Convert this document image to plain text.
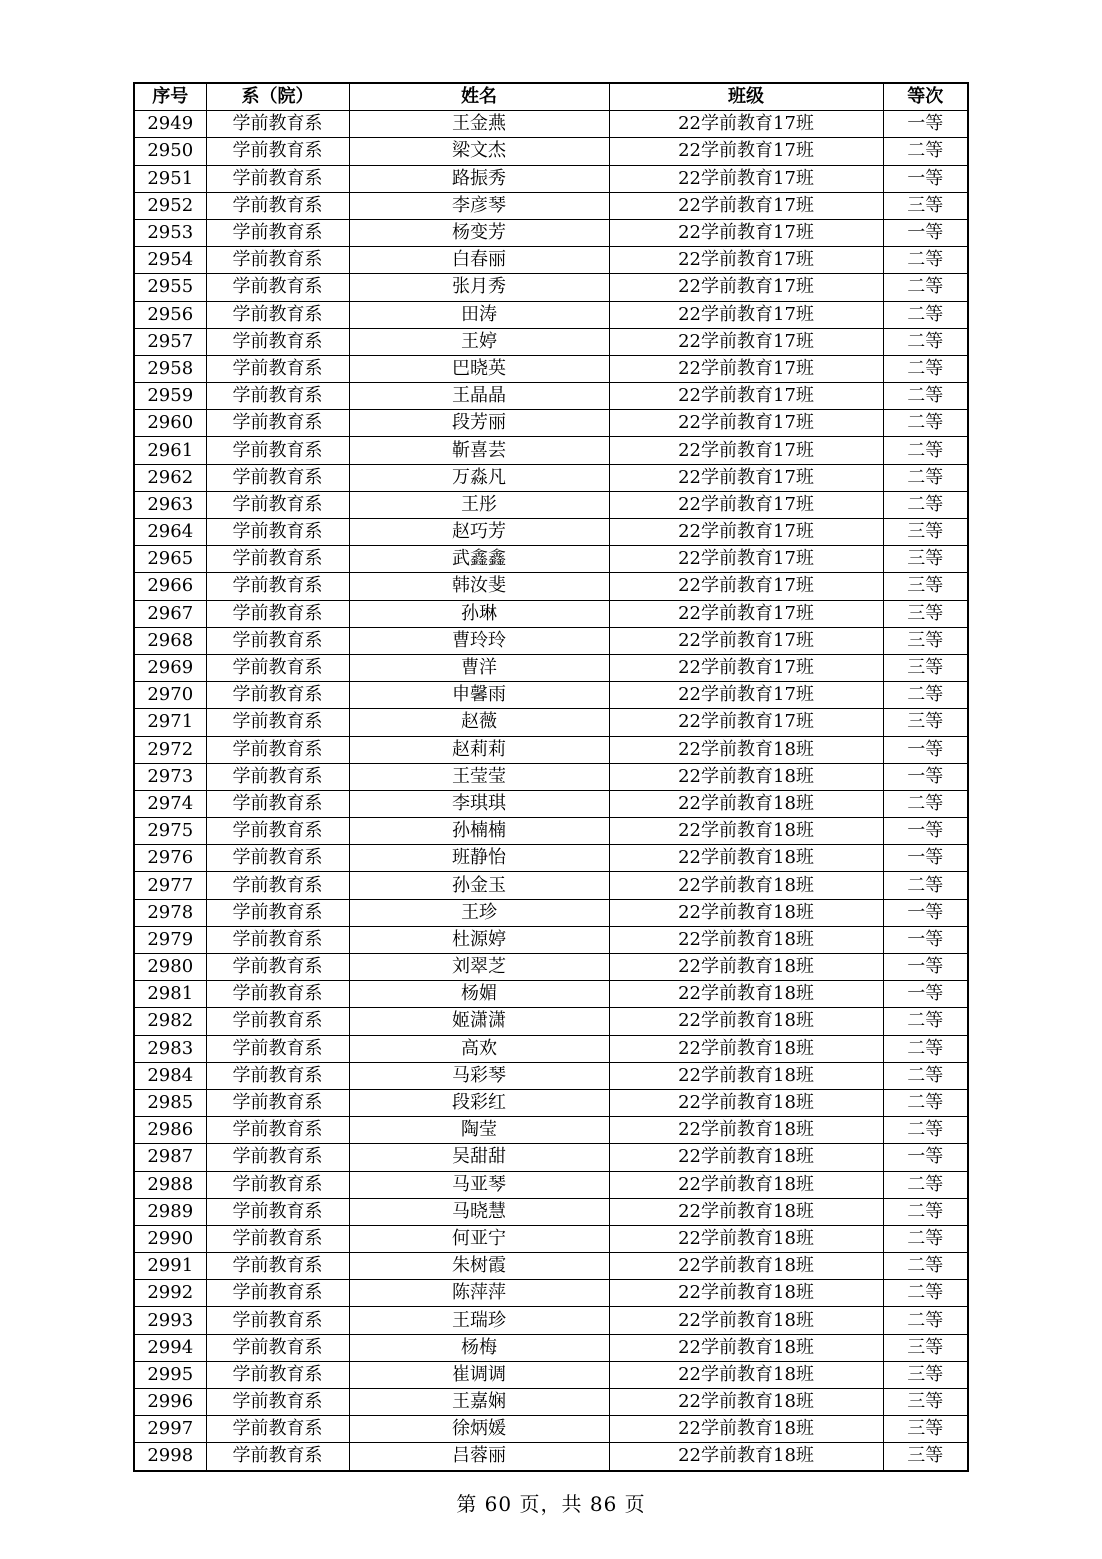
序号	系（院）	姓名	班级	等次
2949	学前教育系	王金燕	22学前教育17班	一等
2950	学前教育系	梁文杰	22学前教育17班	二等
2951	学前教育系	路振秀	22学前教育17班	一等
2952	学前教育系	李彦琴	22学前教育17班	三等
2953	学前教育系	杨变芳	22学前教育17班	一等
2954	学前教育系	白春丽	22学前教育17班	二等
2955	学前教育系	张月秀	22学前教育17班	二等
2956	学前教育系	田涛	22学前教育17班	二等
2957	学前教育系	王婷	22学前教育17班	二等
2958	学前教育系	巴晓英	22学前教育17班	二等
2959	学前教育系	王晶晶	22学前教育17班	二等
2960	学前教育系	段芳丽	22学前教育17班	二等
2961	学前教育系	靳喜芸	22学前教育17班	二等
2962	学前教育系	万淼凡	22学前教育17班	二等
2963	学前教育系	王彤	22学前教育17班	二等
2964	学前教育系	赵巧芳	22学前教育17班	三等
2965	学前教育系	武鑫鑫	22学前教育17班	三等
2966	学前教育系	韩汝斐	22学前教育17班	三等
2967	学前教育系	孙琳	22学前教育17班	三等
2968	学前教育系	曹玲玲	22学前教育17班	三等
2969	学前教育系	曹洋	22学前教育17班	三等
2970	学前教育系	申馨雨	22学前教育17班	二等
2971	学前教育系	赵薇	22学前教育17班	三等
2972	学前教育系	赵莉莉	22学前教育18班	一等
2973	学前教育系	王莹莹	22学前教育18班	一等
2974	学前教育系	李琪琪	22学前教育18班	二等
2975	学前教育系	孙楠楠	22学前教育18班	一等
2976	学前教育系	班静怡	22学前教育18班	一等
2977	学前教育系	孙金玉	22学前教育18班	二等
2978	学前教育系	王珍	22学前教育18班	一等
2979	学前教育系	杜源婷	22学前教育18班	一等
2980	学前教育系	刘翠芝	22学前教育18班	一等
2981	学前教育系	杨媚	22学前教育18班	一等
2982	学前教育系	姬潇潇	22学前教育18班	二等
2983	学前教育系	高欢	22学前教育18班	二等
2984	学前教育系	马彩琴	22学前教育18班	二等
2985	学前教育系	段彩红	22学前教育18班	二等
2986	学前教育系	陶莹	22学前教育18班	二等
2987	学前教育系	吴甜甜	22学前教育18班	一等
2988	学前教育系	马亚琴	22学前教育18班	二等
2989	学前教育系	马晓慧	22学前教育18班	二等
2990	学前教育系	何亚宁	22学前教育18班	二等
2991	学前教育系	朱树霞	22学前教育18班	二等
2992	学前教育系	陈萍萍	22学前教育18班	二等
2993	学前教育系	王瑞珍	22学前教育18班	二等
2994	学前教育系	杨梅	22学前教育18班	三等
2995	学前教育系	崔调调	22学前教育18班	三等
2996	学前教育系	王嘉娴	22学前教育18班	三等
2997	学前教育系	徐炳媛	22学前教育18班	三等
2998	学前教育系	吕蓉丽	22学前教育18班	三等
第 60 页，共 86 页
